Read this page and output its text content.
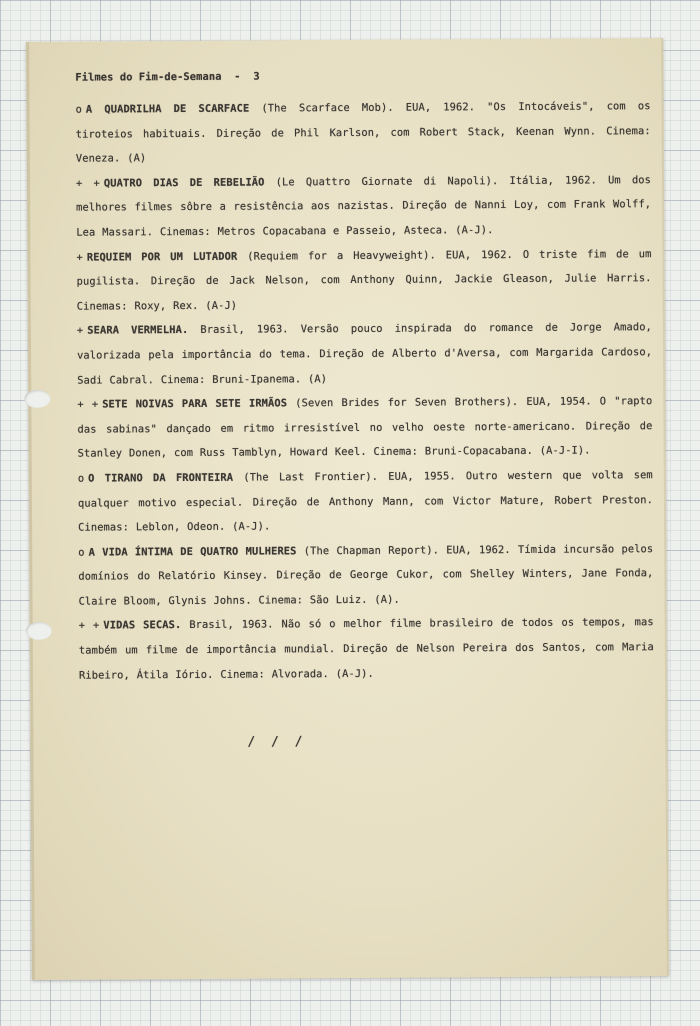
Filmes do Fim-de-Semana  -  3
o A QUADRILHA DE SCARFACE (The Scarface Mob). EUA, 1962. "Os Intocáveis", com os tiroteios habituais. Direção de Phil Karlson, com Robert Stack, Keenan Wynn. Cinema: Veneza. (A)
+ + QUATRO DIAS DE REBELIÃO (Le Quattro Giornate di Napoli). Itália, 1962. Um dos melhores filmes sôbre a resistência aos nazistas. Direção de Nanni Loy, com Frank Wolff, Lea Massari. Cinemas: Metros Copacabana e Passeio, Asteca. (A-J).
+ REQUIEM POR UM LUTADOR (Requiem for a Heavyweight). EUA, 1962. O triste fim de um pugilista. Direção de Jack Nelson, com Anthony Quinn, Jackie Gleason, Julie Harris. Cinemas: Roxy, Rex. (A-J)
+ SEARA VERMELHA. Brasil, 1963. Versão pouco inspirada do romance de Jorge Amado, valorizada pela importância do tema. Direção de Alberto d'Aversa, com Margarida Cardoso, Sadi Cabral. Cinema: Bruni-Ipanema. (A)
+ + SETE NOIVAS PARA SETE IRMÃOS (Seven Brides for Seven Brothers). EUA, 1954. O "rapto das sabinas" dançado em ritmo irresistível no velho oeste norte-americano. Direção de Stanley Donen, com Russ Tamblyn, Howard Keel. Cinema: Bruni-Copacabana. (A-J-I).
o O TIRANO DA FRONTEIRA (The Last Frontier). EUA, 1955. Outro western que volta sem qualquer motivo especial. Direção de Anthony Mann, com Victor Mature, Robert Preston. Cinemas: Leblon, Odeon. (A-J).
o A VIDA ÍNTIMA DE QUATRO MULHERES (The Chapman Report). EUA, 1962. Tímida incursão pelos domínios do Relatório Kinsey. Direção de George Cukor, com Shelley Winters, Jane Fonda, Claire Bloom, Glynis Johns. Cinema: São Luiz. (A).
+ + VIDAS SECAS. Brasil, 1963. Não só o melhor filme brasileiro de todos os tempos, mas também um filme de importância mundial. Direção de Nelson Pereira dos Santos, com Maria Ribeiro, Átila Iório. Cinema: Alvorada. (A-J).
/ / /
